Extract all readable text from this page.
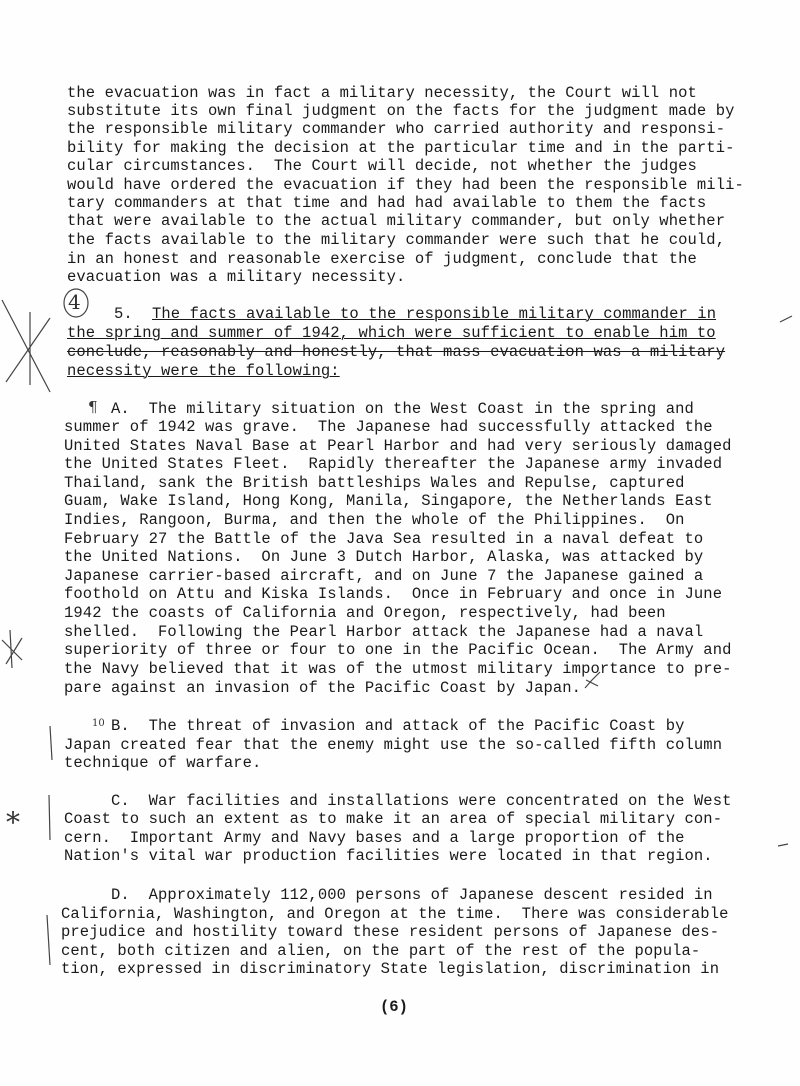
the evacuation was in fact a military necessity, the Court will not
substitute its own final judgment on the facts for the judgment made by
the responsible military commander who carried authority and responsi-
bility for making the decision at the particular time and in the parti-
cular circumstances.  The Court will decide, not whether the judges
would have ordered the evacuation if they had been the responsible mili-
tary commanders at that time and had had available to them the facts
that were available to the actual military commander, but only whether
the facts available to the military commander were such that he could,
in an honest and reasonable exercise of judgment, conclude that the
evacuation was a military necessity.
4 5. The facts available to the responsible military commander in
the spring and summer of 1942, which were sufficient to enable him to
conclude, reasonably and honestly, that mass evacuation was a military
necessity were the following:
¶ A.  The military situation on the West Coast in the spring and
summer of 1942 was grave.  The Japanese had successfully attacked the
United States Naval Base at Pearl Harbor and had very seriously damaged
the United States Fleet.  Rapidly thereafter the Japanese army invaded
Thailand, sank the British battleships Wales and Repulse, captured
Guam, Wake Island, Hong Kong, Manila, Singapore, the Netherlands East
Indies, Rangoon, Burma, and then the whole of the Philippines.  On
February 27 the Battle of the Java Sea resulted in a naval defeat to
the United Nations.  On June 3 Dutch Harbor, Alaska, was attacked by
Japanese carrier-based aircraft, and on June 7 the Japanese gained a
foothold on Attu and Kiska Islands.  Once in February and once in June
1942 the coasts of California and Oregon, respectively, had been
shelled.  Following the Pearl Harbor attack the Japanese had a naval
superiority of three or four to one in the Pacific Ocean.  The Army and
the Navy believed that it was of the utmost military importance to pre-
pare against an invasion of the Pacific Coast by Japan.
10 B.  The threat of invasion and attack of the Pacific Coast by
Japan created fear that the enemy might use the so-called fifth column
technique of warfare.
*
C.  War facilities and installations were concentrated on the West
Coast to such an extent as to make it an area of special military con-
cern.  Important Army and Navy bases and a large proportion of the
Nation's vital war production facilities were located in that region.
D.  Approximately 112,000 persons of Japanese descent resided in
California, Washington, and Oregon at the time.  There was considerable
prejudice and hostility toward these resident persons of Japanese des-
cent, both citizen and alien, on the part of the rest of the popula-
tion, expressed in discriminatory State legislation, discrimination in
(6)
